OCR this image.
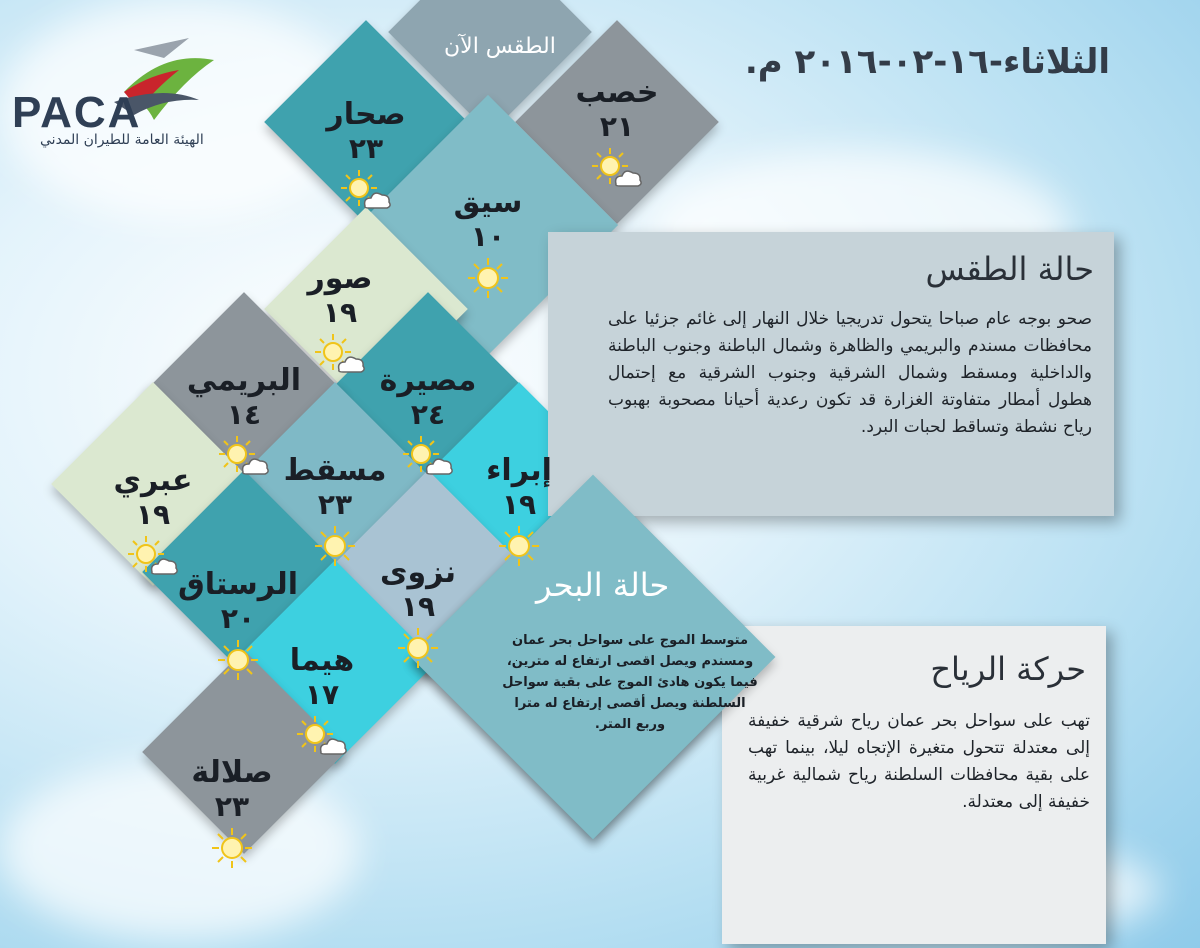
PACA
الهيئة العامة للطيران المدني
الثلاثاء-١٦-٠٢-٢٠١٦ م.
حالة الطقس
صحو بوجه عام صباحا يتحول تدريجيا خلال النهار إلى غائم جزئيا على محافظات مسندم والبريمي والظاهرة وشمال الباطنة وجنوب الباطنة والداخلية ومسقط وشمال الشرقية وجنوب الشرقية مع إحتمال هطول أمطار متفاوتة الغزارة قد تكون رعدية أحيانا مصحوبة بهبوب رياح نشطة وتساقط لحبات البرد.
حركة الرياح
تهب على سواحل بحر عمان رياح شرقية خفيفة إلى معتدلة تتحول متغيرة الإتجاه ليلا، بينما تهب على بقية محافظات السلطنة رياح شمالية غربية خفيفة إلى معتدلة.
حالة البحر
متوسط الموج على سواحل بحر عمان ومسندم ويصل اقصى ارتفاع له مترين، فيما يكون هادئ الموج على بقية سواحل السلطنة ويصل أقصى إرتفاع له مترا وربع المتر.
الطقس الآن
خصب
٢١
صحار
٢٣
سيق
١٠
صور
١٩
مصيرة
٢٤
البريمي
١٤
مسقط
٢٣
إبراء
١٩
عبري
١٩
نزوى
١٩
الرستاق
٢٠
هيما
١٧
صلالة
٢٣
